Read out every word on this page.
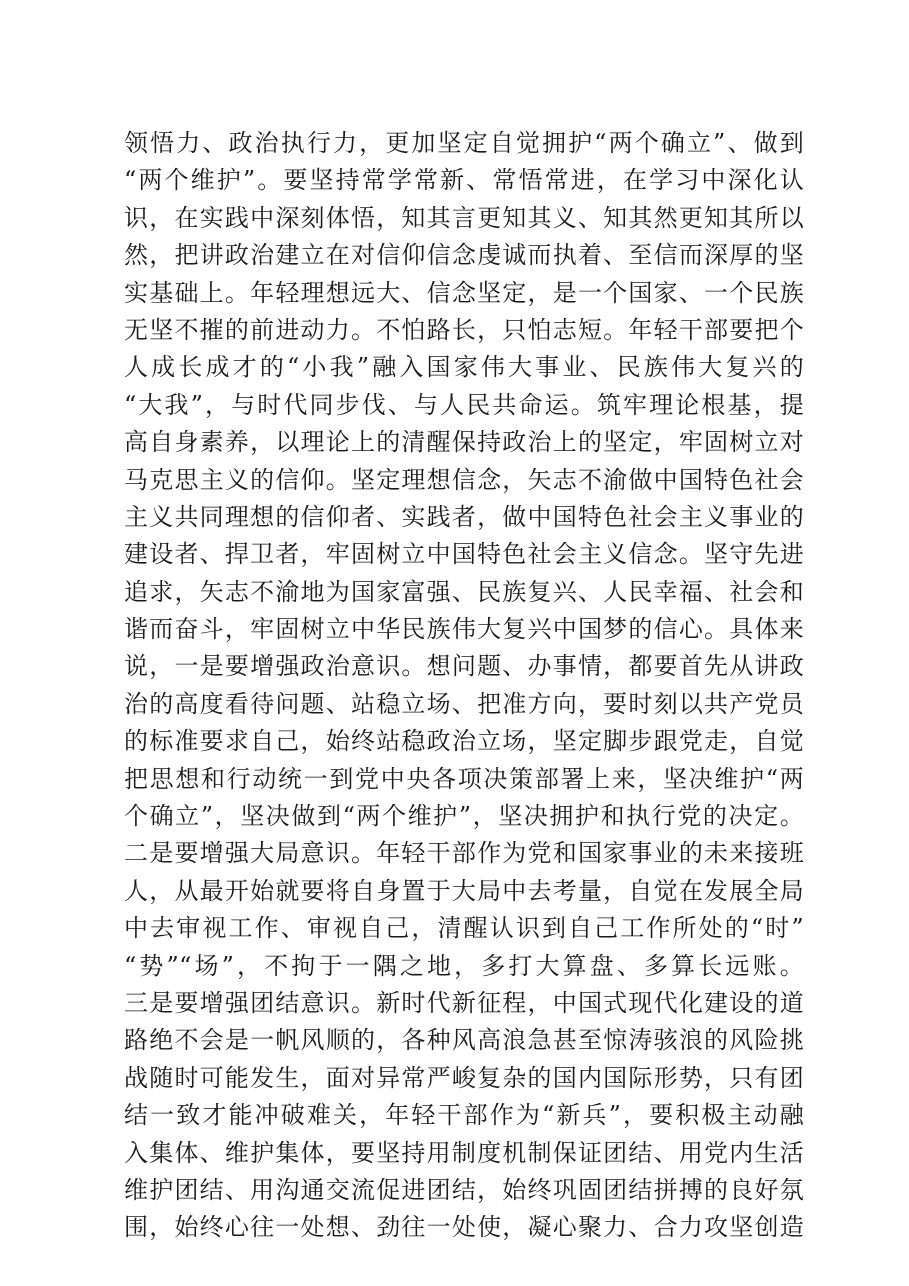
领悟力、政治执行力，更加坚定自觉拥护“两个确立”、做到
“两个维护”。要坚持常学常新、常悟常进，在学习中深化认
识，在实践中深刻体悟，知其言更知其义、知其然更知其所以
然，把讲政治建立在对信仰信念虔诚而执着、至信而深厚的坚
实基础上。年轻理想远大、信念坚定，是一个国家、一个民族
无坚不摧的前进动力。不怕路长，只怕志短。年轻干部要把个
人成长成才的“小我”融入国家伟大事业、民族伟大复兴的
“大我”，与时代同步伐、与人民共命运。筑牢理论根基，提
高自身素养，以理论上的清醒保持政治上的坚定，牢固树立对
马克思主义的信仰。坚定理想信念，矢志不渝做中国特色社会
主义共同理想的信仰者、实践者，做中国特色社会主义事业的
建设者、捍卫者，牢固树立中国特色社会主义信念。坚守先进
追求，矢志不渝地为国家富强、民族复兴、人民幸福、社会和
谐而奋斗，牢固树立中华民族伟大复兴中国梦的信心。具体来
说，一是要增强政治意识。想问题、办事情，都要首先从讲政
治的高度看待问题、站稳立场、把准方向，要时刻以共产党员
的标准要求自己，始终站稳政治立场，坚定脚步跟党走，自觉
把思想和行动统一到党中央各项决策部署上来，坚决维护“两
个确立”，坚决做到“两个维护”，坚决拥护和执行党的决定。
二是要增强大局意识。年轻干部作为党和国家事业的未来接班
人，从最开始就要将自身置于大局中去考量，自觉在发展全局
中去审视工作、审视自己，清醒认识到自己工作所处的“时”
“势”“场”，不拘于一隅之地，多打大算盘、多算长远账。
三是要增强团结意识。新时代新征程，中国式现代化建设的道
路绝不会是一帆风顺的，各种风高浪急甚至惊涛骇浪的风险挑
战随时可能发生，面对异常严峻复杂的国内国际形势，只有团
结一致才能冲破难关，年轻干部作为“新兵”，要积极主动融
入集体、维护集体，要坚持用制度机制保证团结、用党内生活
维护团结、用沟通交流促进团结，始终巩固团结拼搏的良好氛
围，始终心往一处想、劲往一处使，凝心聚力、合力攻坚创造
